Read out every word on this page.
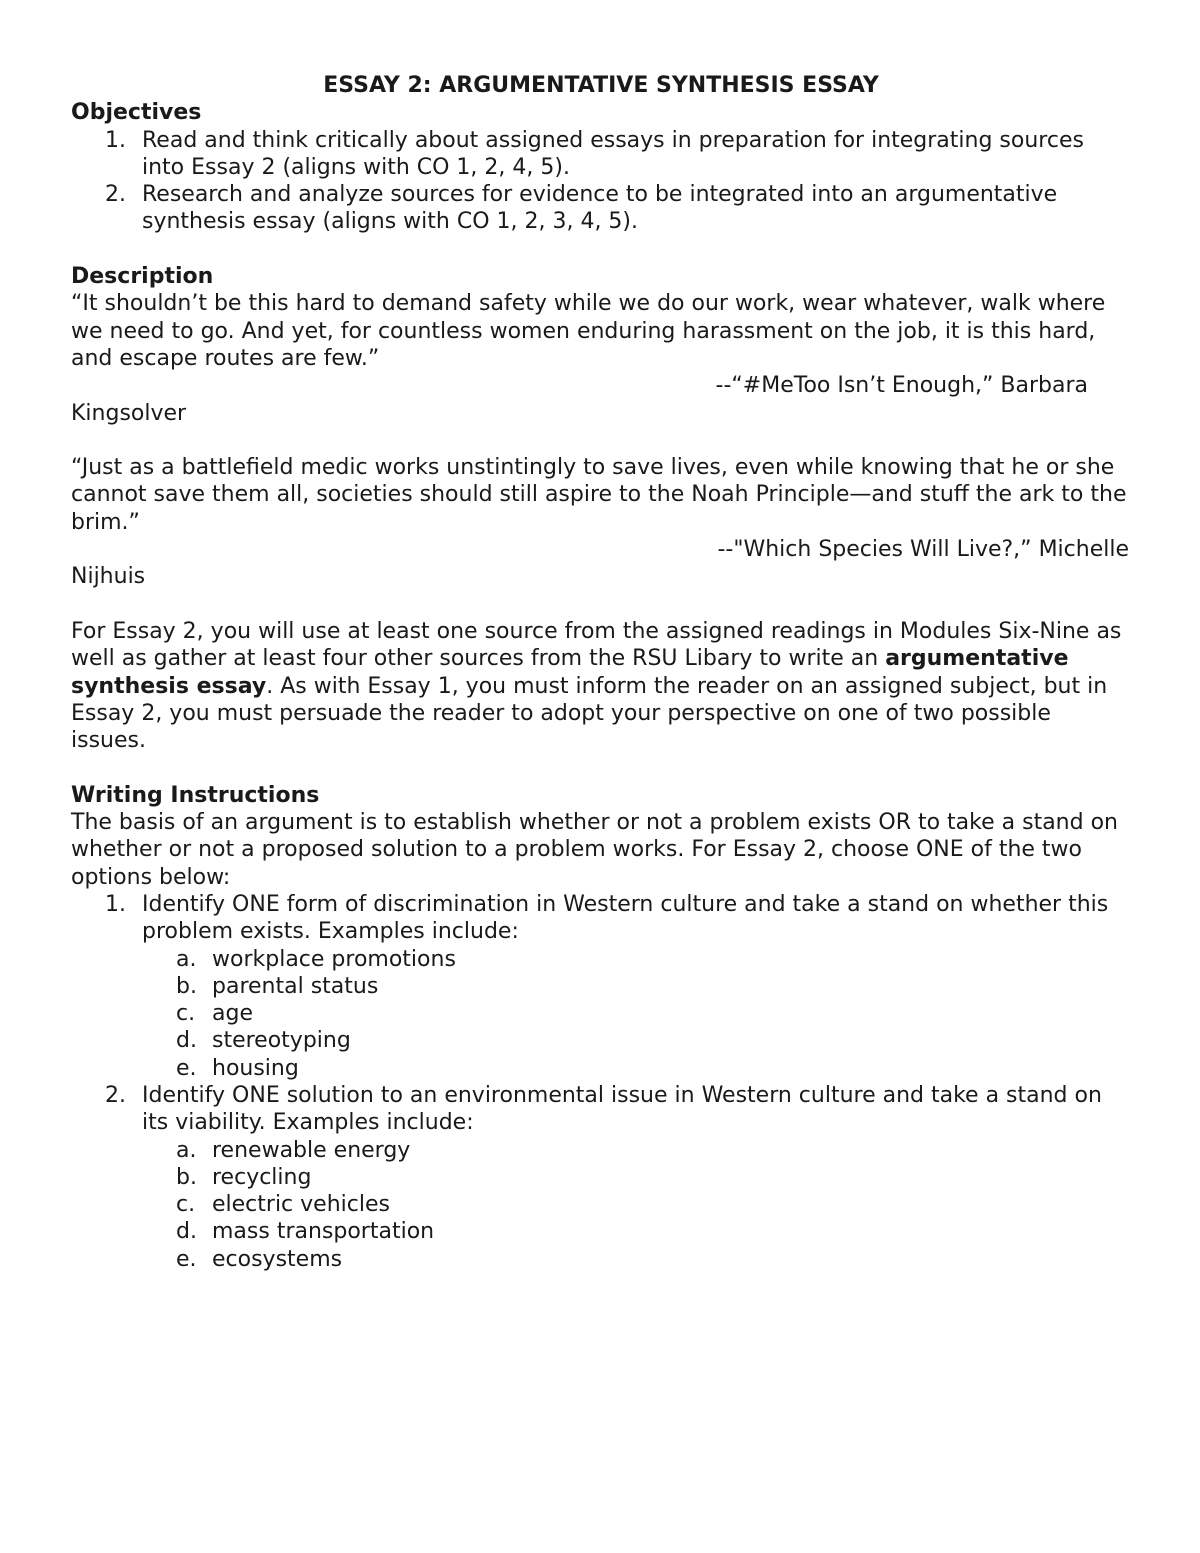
ESSAY 2: ARGUMENTATIVE SYNTHESIS ESSAY

Objectives

1. Read and think critically about assigned essays in preparation for integrating sources into Essay 2 (aligns with CO 1, 2, 4, 5).
2. Research and analyze sources for evidence to be integrated into an argumentative synthesis essay (aligns with CO 1, 2, 3, 4, 5).

Description

“It shouldn’t be this hard to demand safety while we do our work, wear whatever, walk where we need to go. And yet, for countless women enduring harassment on the job, it is this hard, and escape routes are few.”

--“#MeToo Isn’t Enough,” Barbara

Kingsolver

“Just as a battlefield medic works unstintingly to save lives, even while knowing that he or she cannot save them all, societies should still aspire to the Noah Principle—and stuff the ark to the brim.”

--"Which Species Will Live?,” Michelle

Nijhuis

For Essay 2, you will use at least one source from the assigned readings in Modules Six-Nine as well as gather at least four other sources from the RSU Libary to write an argumentative synthesis essay. As with Essay 1, you must inform the reader on an assigned subject, but in Essay 2, you must persuade the reader to adopt your perspective on one of two possible issues.

Writing Instructions

The basis of an argument is to establish whether or not a problem exists OR to take a stand on whether or not a proposed solution to a problem works. For Essay 2, choose ONE of the two options below:

1. Identify ONE form of discrimination in Western culture and take a stand on whether this problem exists. Examples include:
a. workplace promotions
b. parental status
c. age
d. stereotyping
e. housing
2. Identify ONE solution to an environmental issue in Western culture and take a stand on its viability. Examples include:
a. renewable energy
b. recycling
c. electric vehicles
d. mass transportation
e. ecosystems
